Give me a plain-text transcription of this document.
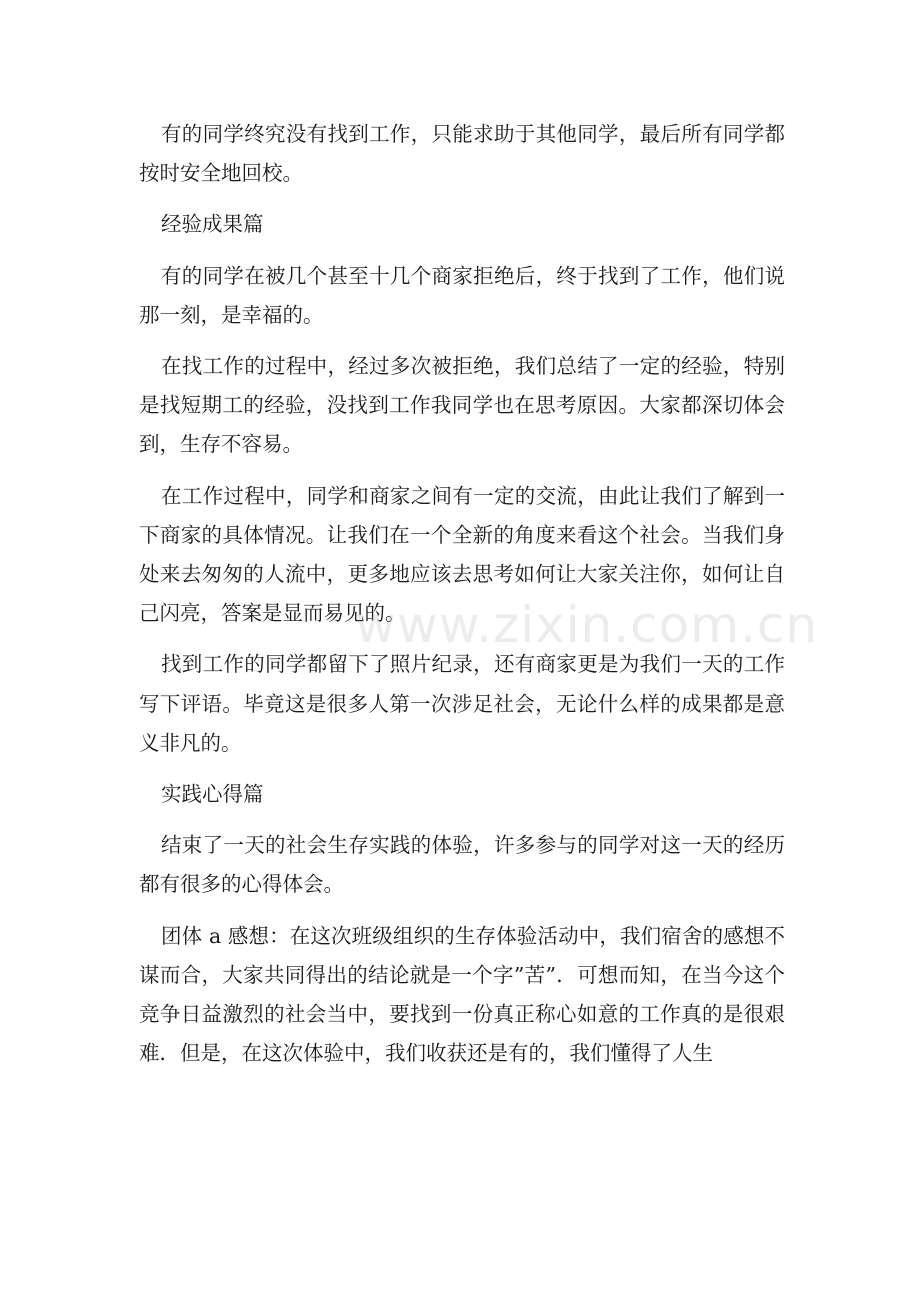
有的同学终究没有找到工作，只能求助于其他同学，最后所有同学都按时安全地回校。

经验成果篇

有的同学在被几个甚至十几个商家拒绝后，终于找到了工作，他们说那一刻，是幸福的。

在找工作的过程中，经过多次被拒绝，我们总结了一定的经验，特别是找短期工的经验，没找到工作我同学也在思考原因。大家都深切体会到，生存不容易。

在工作过程中，同学和商家之间有一定的交流，由此让我们了解到一下商家的具体情况。让我们在一个全新的角度来看这个社会。当我们身处来去匆匆的人流中，更多地应该去思考如何让大家关注你，如何让自己闪亮，答案是显而易见的。

找到工作的同学都留下了照片纪录，还有商家更是为我们一天的工作写下评语。毕竟这是很多人第一次涉足社会，无论什么样的成果都是意义非凡的。

实践心得篇

结束了一天的社会生存实践的体验，许多参与的同学对这一天的经历都有很多的心得体会。

团体 a 感想：在这次班级组织的生存体验活动中，我们宿舍的感想不谋而合，大家共同得出的结论就是一个字”苦”．可想而知，在当今这个竞争日益激烈的社会当中，要找到一份真正称心如意的工作真的是很艰难．但是，在这次体验中，我们收获还是有的，我们懂得了人生

www.zixin.com.cn
